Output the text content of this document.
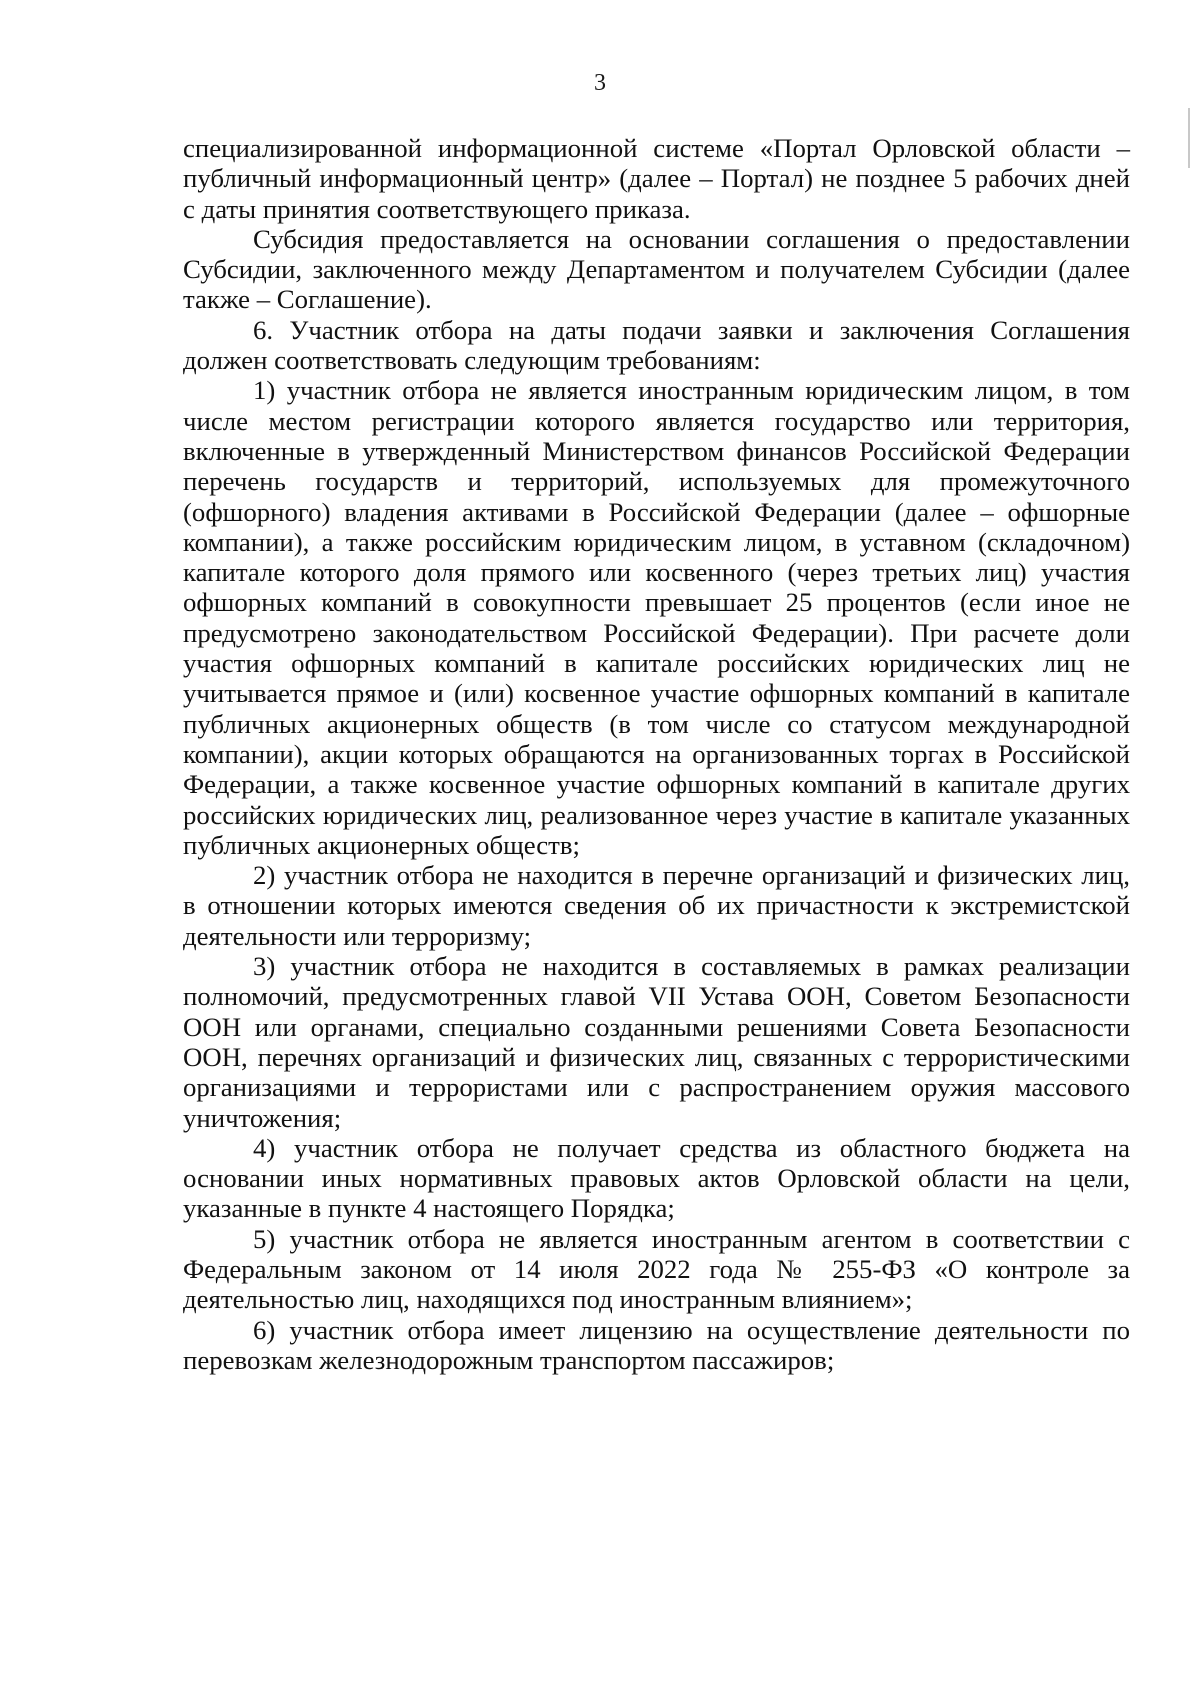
3

специализированной информационной системе «Портал Орловской области – публичный информационный центр» (далее – Портал) не позднее 5 рабочих дней с даты принятия соответствующего приказа.

Субсидия предоставляется на основании соглашения о предоставлении Субсидии, заключенного между Департаментом и получателем Субсидии (далее также – Соглашение).

6. Участник отбора на даты подачи заявки и заключения Соглашения должен соответствовать следующим требованиям:

1) участник отбора не является иностранным юридическим лицом, в том числе местом регистрации которого является государство или территория, включенные в утвержденный Министерством финансов Российской Федерации перечень государств и территорий, используемых для промежуточного (офшорного) владения активами в Российской Федерации (далее – офшорные компании), а также российским юридическим лицом, в уставном (складочном) капитале которого доля прямого или косвенного (через третьих лиц) участия офшорных компаний в совокупности превышает 25 процентов (если иное не предусмотрено законодательством Российской Федерации). При расчете доли участия офшорных компаний в капитале российских юридических лиц не учитывается прямое и (или) косвенное участие офшорных компаний в капитале публичных акционерных обществ (в том числе со статусом международной компании), акции которых обращаются на организованных торгах в Российской Федерации, а также косвенное участие офшорных компаний в капитале других российских юридических лиц, реализованное через участие в капитале указанных публичных акционерных обществ;

2) участник отбора не находится в перечне организаций и физических лиц, в отношении которых имеются сведения об их причастности к экстремистской деятельности или терроризму;

3) участник отбора не находится в составляемых в рамках реализации полномочий, предусмотренных главой VII Устава ООН, Советом Безопасности ООН или органами, специально созданными решениями Совета Безопасности ООН, перечнях организаций и физических лиц, связанных с террористическими организациями и террористами или с распространением оружия массового уничтожения;

4) участник отбора не получает средства из областного бюджета на основании иных нормативных правовых актов Орловской области на цели, указанные в пункте 4 настоящего Порядка;

5) участник отбора не является иностранным агентом в соответствии с Федеральным законом от 14 июля 2022 года № 255-ФЗ «О контроле за деятельностью лиц, находящихся под иностранным влиянием»;

6) участник отбора имеет лицензию на осуществление деятельности по перевозкам железнодорожным транспортом пассажиров;
